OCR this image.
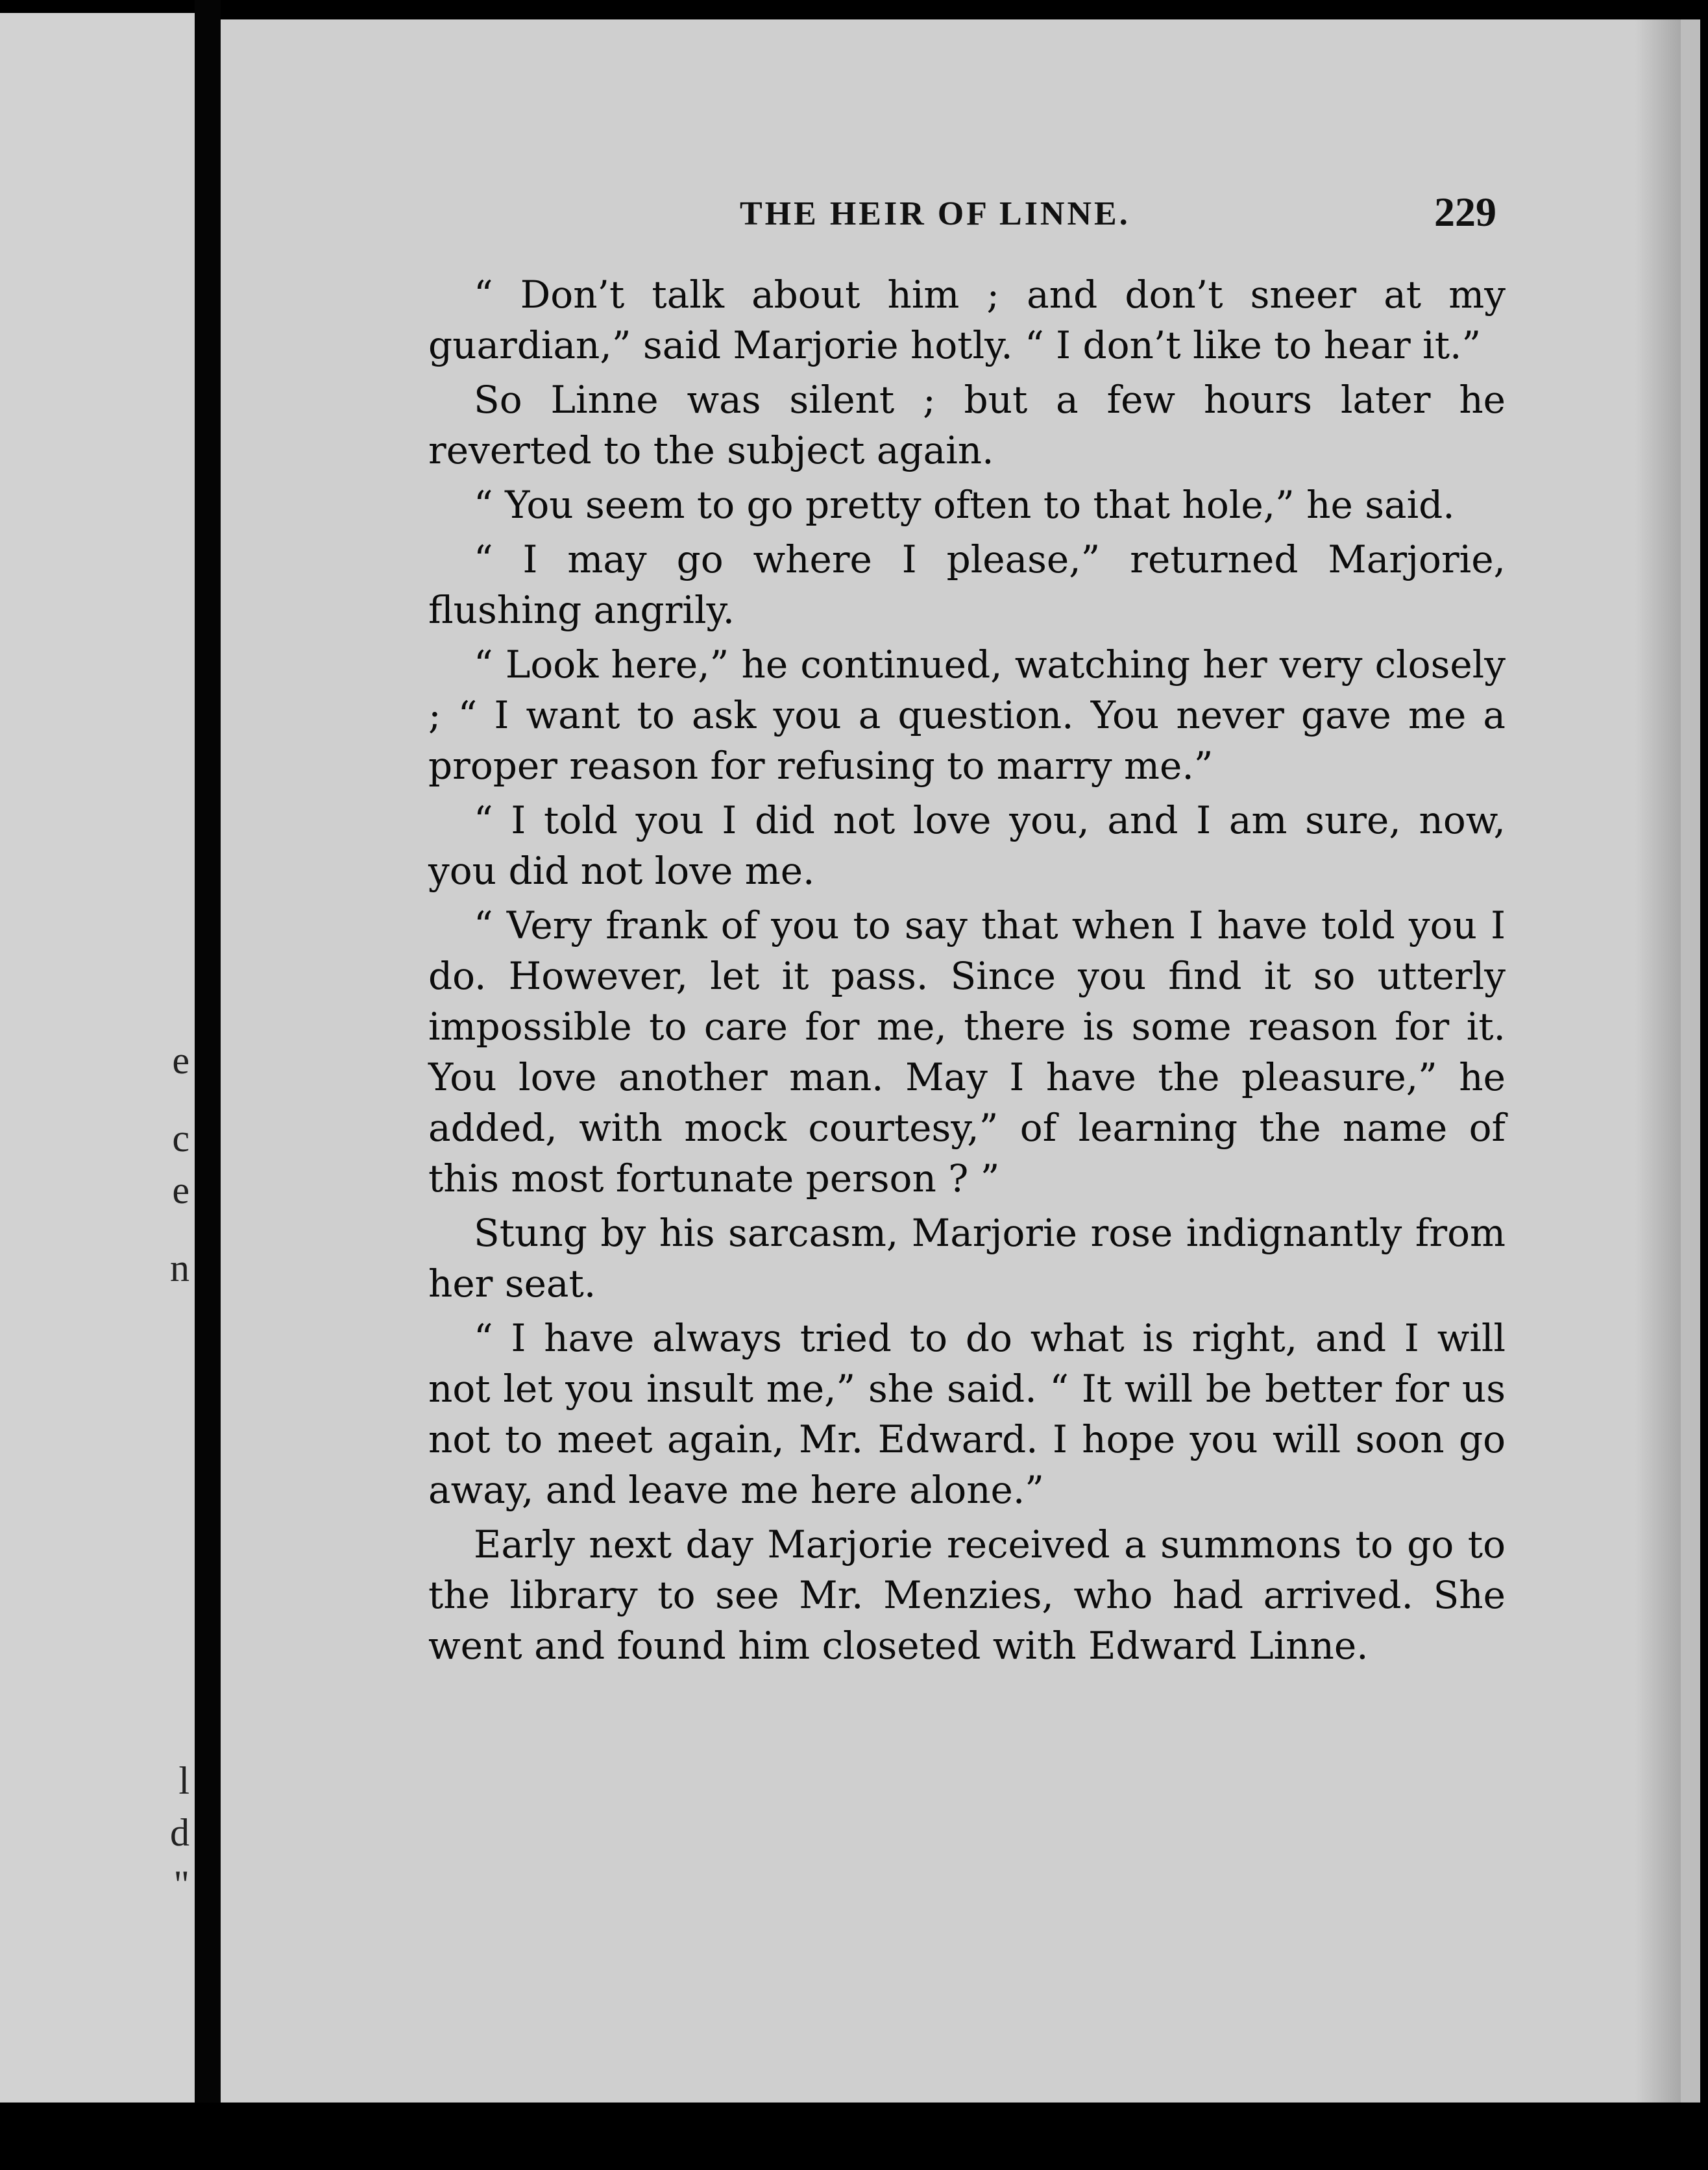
e
c
e
n
l
d
"
THE HEIR OF LINNE.	229

“ Don’t talk about him ; and don’t sneer at my guardian,” said Marjorie hotly. “ I don’t like to hear it.”

So Linne was silent ; but a few hours later he reverted to the subject again.

“ You seem to go pretty often to that hole,” he said.

“ I may go where I please,” returned Marjorie, flushing angrily.

“ Look here,” he continued, watching her very closely ; “ I want to ask you a question. You never gave me a proper reason for refusing to marry me.”

“ I told you I did not love you, and I am sure, now, you did not love me.

“ Very frank of you to say that when I have told you I do. However, let it pass. Since you find it so utterly impossible to care for me, there is some reason for it. You love another man. May I have the pleasure,” he added, with mock courtesy,” of learning the name of this most fortunate person ? ”

Stung by his sarcasm, Marjorie rose indignantly from her seat.

“ I have always tried to do what is right, and I will not let you insult me,” she said. “ It will be better for us not to meet again, Mr. Edward. I hope you will soon go away, and leave me here alone.”

Early next day Marjorie received a summons to go to the library to see Mr. Menzies, who had arrived. She went and found him closeted with Edward Linne.
